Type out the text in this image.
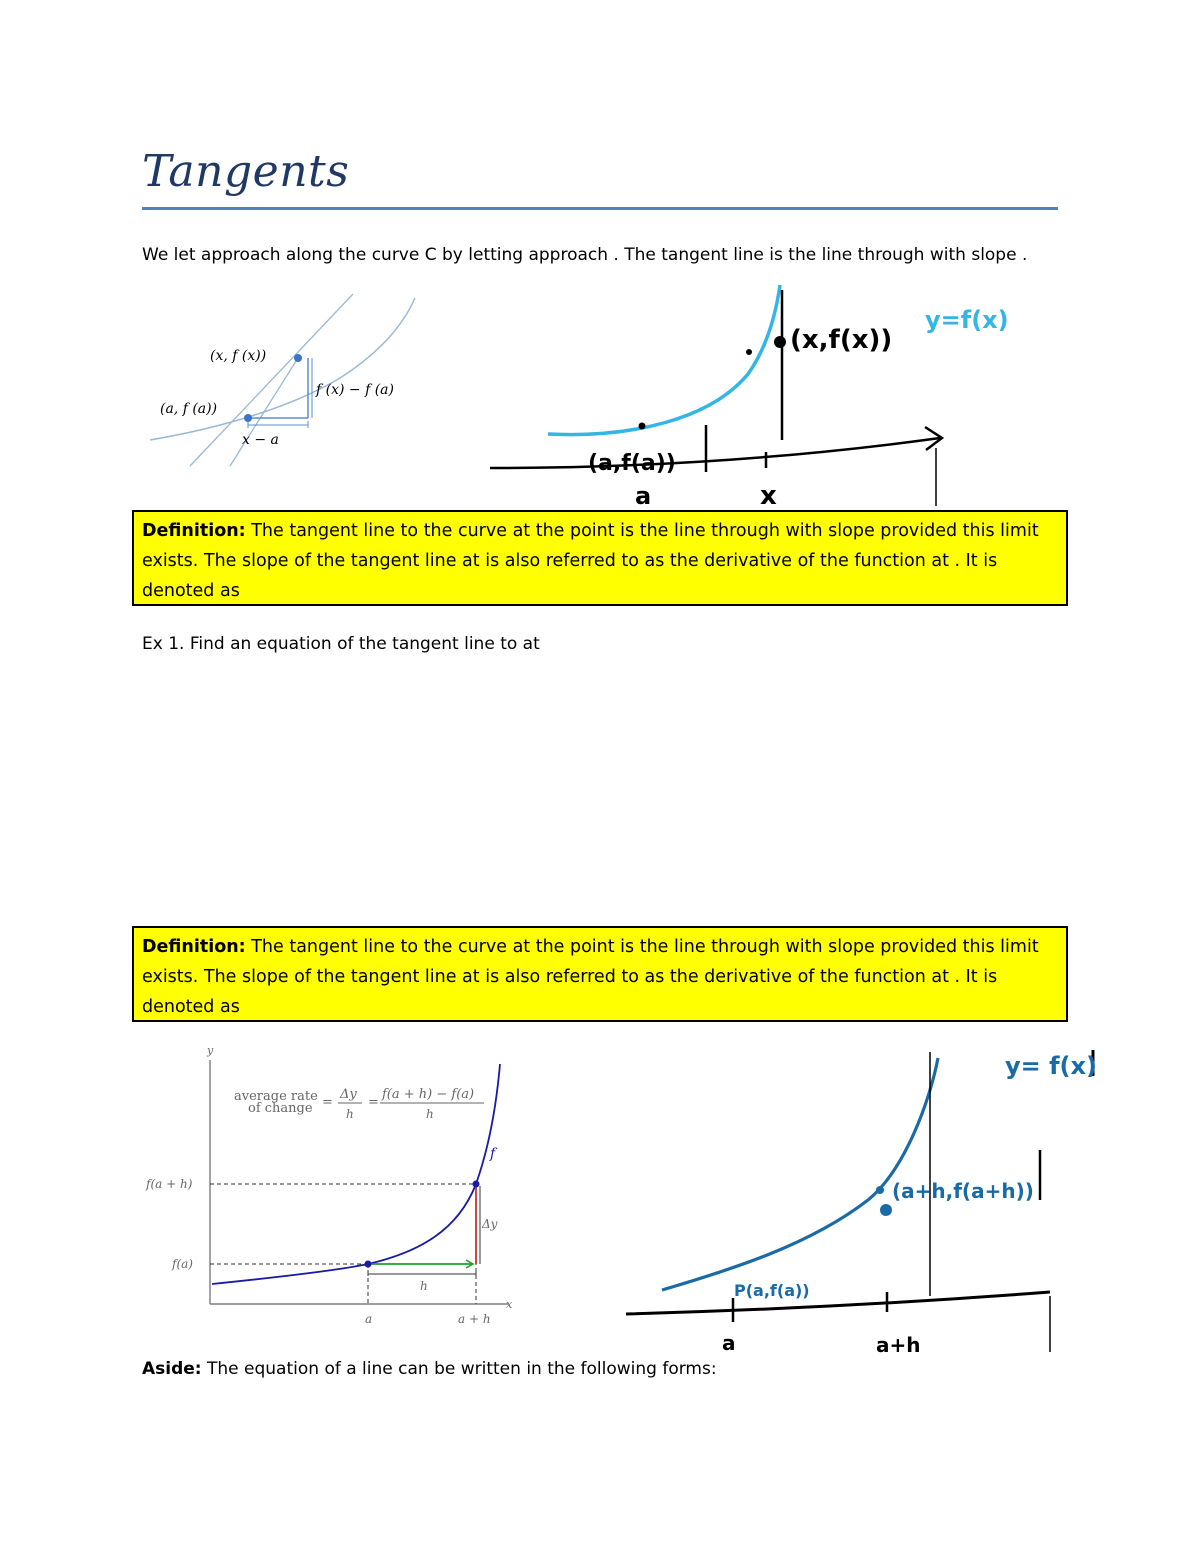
Tangents
We let approach along the curve C by letting approach . The tangent line is the line through with slope .
(x, f (x))
(a, f (a))
f (x) − f (a)
x − a
(a,f(a))
(x,f(x))
y=f(x)
a	x
Definition: The tangent line to the curve at the point is the line through with slope provided this limit exists. The slope of the tangent line at is also referred to as the derivative of the function at . It is denoted as
Ex 1. Find an equation of the tangent line to at
Definition: The tangent line to the curve at the point is the line through with slope provided this limit exists. The slope of the tangent line at is also referred to as the derivative of the function at . It is denoted as
y
x
average rate
of change =
Δy
h
=
f(a + h) − f(a)
h
f
f(a + h)
f(a)
Δy
h
a	a + h
y= f(x)
(a+h,f(a+h))
P(a,f(a))
a	a+h
Aside: The equation of a line can be written in the following forms:
